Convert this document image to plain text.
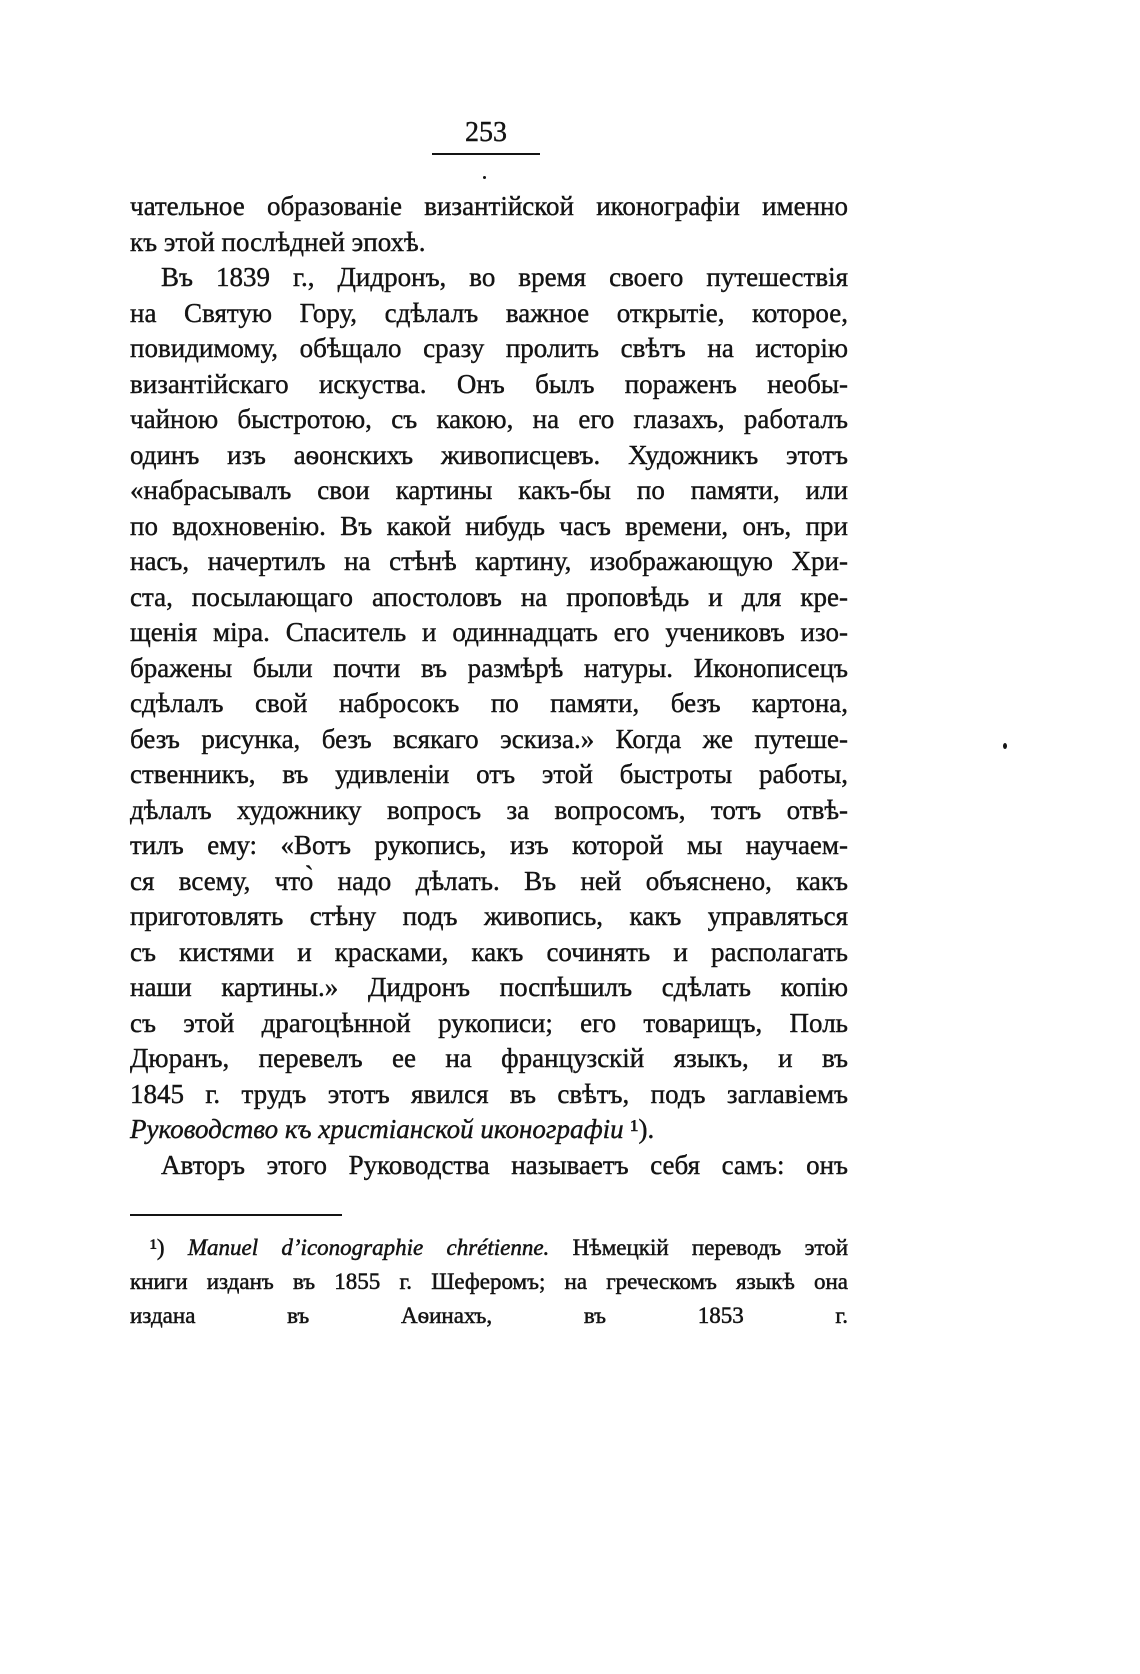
253
чательное образованіе византійской иконографіи именно
къ этой послѣдней эпохѣ.
Въ 1839 г., Дидронъ, во время своего путешествія
на Святую Гору, сдѣлалъ важное открытіе, которое,
повидимому, обѣщало сразу пролить свѣтъ на исторію
византійскаго искуства. Онъ былъ пораженъ необы-
чайною быстротою, съ какою, на его глазахъ, работалъ
одинъ изъ аѳонскихъ живописцевъ. Художникъ этотъ
«набрасывалъ свои картины какъ-бы по памяти, или
по вдохновенію. Въ какой нибудь часъ времени, онъ, при
насъ, начертилъ на стѣнѣ картину, изображающую Хри-
ста, посылающаго апостоловъ на проповѣдь и для кре-
щенія міра. Спаситель и одиннадцать его учениковъ изо-
бражены были почти въ размѣрѣ натуры. Иконописецъ
сдѣлалъ свой набросокъ по памяти, безъ картона,
безъ рисунка, безъ всякаго эскиза.» Когда же путеше-
ственникъ, въ удивленіи отъ этой быстроты работы,
дѣлалъ художнику вопросъ за вопросомъ, тотъ отвѣ-
тилъ ему: «Вотъ рукопись, изъ которой мы научаем-
ся всему, что̀ надо дѣлать. Въ ней объяснено, какъ
приготовлять стѣну подъ живопись, какъ управляться
съ кистями и красками, какъ сочинять и располагать
наши картины.» Дидронъ поспѣшилъ сдѣлать копію
съ этой драгоцѣнной рукописи; его товарищъ, Поль
Дюранъ, перевелъ ее на французскій языкъ, и въ
1845 г. трудъ этотъ явился въ свѣтъ, подъ заглавіемъ
Руководство къ христіанской иконографіи ¹).
Авторъ этого Руководства называетъ себя самъ: онъ
¹) Manuel d’iconographie chrétienne. Нѣмецкій переводъ этой
книги изданъ въ 1855 г. Шеферомъ; на греческомъ языкѣ она
издана въ Аѳинахъ, въ 1853 г.
